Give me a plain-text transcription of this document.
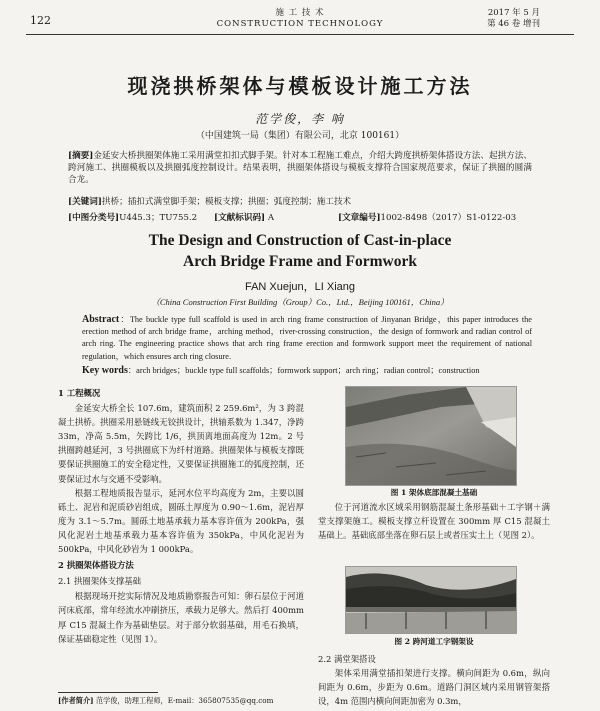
122
施 工 技 术
CONSTRUCTION TECHNOLOGY
2017 年 5 月
第 46 卷 增刊
现浇拱桥架体与模板设计施工方法
范学俊，李 响
（中国建筑一局（集团）有限公司，北京 100161）
[摘要]金延安大桥拱圈架体施工采用满堂扣扣式脚手架。针对本工程施工难点，介绍大跨度拱桥架体搭设方法、起拱方法、跨河施工、拱圈模板以及拱圈弧度控制设计。结果表明，拱圈架体搭设与模板支撑符合国家规范要求，保证了拱圈的圆满合龙。
[关键词]拱桥；插扣式满堂脚手架；模板支撑；拱圈；弧度控制；施工技术
[中图分类号]U445.3；TU755.2 [文献标识码] A	[文章编号]1002-8498（2017）S1-0122-03
The Design and Construction of Cast-in-place
Arch Bridge Frame and Formwork
FAN Xuejun，LI Xiang
（China Construction First Building（Group）Co.，Ltd.，Beijing 100161，China）
Abstract：The buckle type full scaffold is used in arch ring frame construction of Jinyanan Bridge，this paper introduces the erection method of arch bridge frame，arching method，river-crossing construction，the design of formwork and radian control of arch ring. The engineering practice shows that arch ring frame erection and formwork support meet the requirement of national regulation，which ensures arch ring closure.
Key words：arch bridges；buckle type full scaffolds；formwork support；arch ring；radian control；construction
1 工程概况

金延安大桥全长 107.6m，建筑面积 2 259.6m²，为 3 跨混凝土拱桥。拱圈采用悬链线无铰拱设计，拱轴系数为 1.347，净跨 33m，净高 5.5m，矢跨比 1/6，拱顶离地面高度为 12m。2 号拱圈跨越延河，3 号拱圈底下为纤村道路。拱圈架体与模板支撑既要保证拱圈施工的安全稳定性，又要保证拱圈施工的弧度控制，还要保证过水与交通不受影响。

根据工程地质报告显示，延河水位平均高度为 2m，主要以圆砾土、泥岩和泥质砂岩组成，圆砾土厚度为 0.90～1.6m，泥岩厚度为 3.1～5.7m。圆砾土地基承载力基本容许值为 200kPa，强风化泥岩土地基承载力基本容许值为 350kPa，中风化泥岩为 500kPa，中风化砂岩为 1 000kPa。

2 拱圈架体搭设方法
2.1 拱圈架体支撑基础

根据现场开挖实际情况及地质勘察报告可知：卵石层位于河道河床底部，常年经流水冲刷挤压，承载力足够大。然后打 400mm 厚 C15 混凝土作为基础垫层。对于部分软弱基础，用毛石换填，保证基础稳定性（见图 1）。

图 1 架体底部混凝土基础

位于河道流水区域采用钢筋混凝土条形基础＋工字钢＋满堂支撑架施工。模板支撑立杆设置在 300mm 厚 C15 混凝土基础上。基础底部坐落在卵石层上或者压实土上（见图 2）。

图 2 跨河道工字钢架设
2.2 满堂架搭设

架体采用满堂插扣架进行支撑。横向间距为 0.6m，纵向间距为 0.6m，步距为 0.6m。道路门洞区域内采用钢管架搭设，4m 范围内横向间距加密为 0.3m，

[作者简介] 范学俊，助理工程师，E-mail：365807535@qq.com
